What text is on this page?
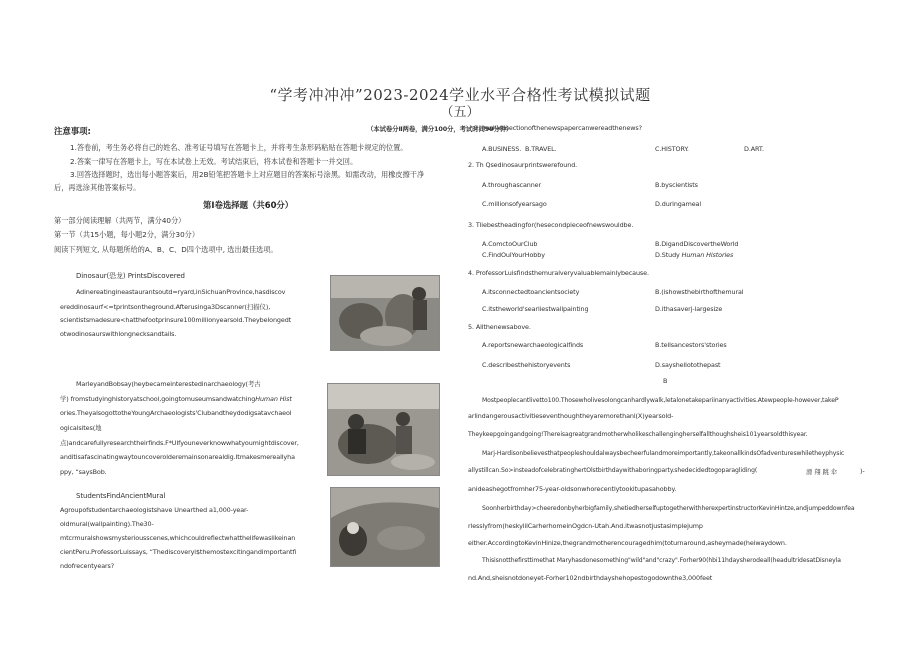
“学考冲冲冲”2023-2024学业水平合格性考试模拟试题
（五）
（本试卷分Ⅱ两卷，满分100分，考试时间90分钟）
注意事项:
1.答卷前，考生务必将自己的姓名、准考证号填写在答题卡上，并将考生条形码粘贴在答题卡规定的位置。
2.答案一律写在答题卡上，写在本试卷上无效。考试结束后，将本试卷和答题卡一并交回。
3.回答选择题时，选出每小题答案后，用2B铅笔把答题卡上对应题目的答案标号涂黑。如需改动，用橡皮擦干净
后，再选涂其他答案标号。
第Ⅰ卷选择题（共60分）
第一部分阅读理解（共两节，满分40分）
第一节（共15小题，每小题2分，满分30分）
阅读下列短文, 从每题所给的A、B、C、D四个选项中, 选出最佳选项。
Dinosaur(恐龙) PrintsDiscovered
Adinereatingineastaurantsoutd=ryard,inSichuanProvince,hasdiscov
ereddinosaurf<=tprintsontheground.Afterusinga3Dscanner(扫描仪),
scientistsmadesure<hatthefootprinsure100millionyearsold.Theybelongedt
otwodinosaurswithlongnecksandtails.
MarleyandBobsay(heybecameinterestedinarchaeology(考古
学) fromstudyinghistoryatschool,goingtomuseumsandwatchingHuman Hist
ories.TheyalsogottotheYoungArchaeologists'Clubandtheydodigsatavchaeol
ogicalsites(地
点)andcarefullyresearchtheirfinds.F*UIfyouneverknowwhatyoumightdiscover,
anditisafascinatingwaytouncoverolderemainsonarealdig.Itmakesmereallyha
ppy, “saysBob.
StudentsFindAncientMural
Agroupofstudentarchaeologistshave Unearthed a1,000-year-
oldmural(wallpainting).The30-
mtcrmuralshowsmysteriousscenes,whichcouldreflectwhatthelifewaslikeinan
cientPeru.ProfessorLuissays, “Thediscoveryi$themostexcitingandimportantfi
ndofrecentyears?
1. Inwhichsectionofthenewspapercanwereadthenews?
A.BUSINESS. B.TRAVEL.	C.HISTORY.	D.ART.
2. Th Qsedinosaurprintswerefound.
A.throughascanner	B.byscientists
C.millionsofyearsago	D.duringameal
3. Tliebestheadingfor(hesecondpieceofnewswouldbe.
A.ComctoOurClub	B.DigandDiscovertheWorld
C.FindOulYourHobby	D.Study Human Histories
4. ProfessorLuisfindsthemuralveryvaluablemainlybecause.
A.itsconnectedtoancientsociety	B.(ishowsthebirthofthemural
C.itstheworld'searliestwallpainting	D.ithasaverj-largesize
5. Allthenewsabove.
A.reportsnewarchaeologicalfinds	B.tellsancestors'stories
C.describesthehistoryevents	D.sayshellotothepast
B
Mostpeoplecantlivetto100.Thosewholivesolongcanhardlywalk,letalonetakepariinanyactivities.Atewpeople-however,takeP
arlindangerousactivitieseventhoughtheyaremorethanl(X)yearsold-
Theykeepgoingandgoing!Thereisagreatgrandmotherwholikeschallengingherselfallthoughsheis101yearsoldthisyear.
Marj-Hardisonbelievesthatpeopleshouldalwaysbecheerfulandmoreimportantly,takeonallkindsOfadventureswhiletheyphysic
allystillcan.So>insteadofcelebratinghertOlstbirthdaywithaboringparty.shedecidedtogoparagliding(	滑 翔 跳 伞	)-
anideashegotfromher75-year-oldsonwhorecentlytookitupasahobby.
Soonherbirthday>cheeredonbyherbigfamily,shetiedherselfuptogetherwithherexpertinstructorKevinHintze,andjumpeddownfea
rlesslyfrom(heskylilCarherhomeinOgdcn-Utah.And.itwasnotjustasimplejump
either.AccordingtoKevinHinize,thegrandmotherencouragedhim(toturnaround,asheymade(heiwaydown.
Thisisnotthefirsttimethat Maryhasdonesomething"wild"and"crazy".Forher90(hbi11hdaysherodeall(headultridesatDisneyla
nd.And,sheisnotdoneyet-Forher102ndbirthdayshehopestogodownthe3,000feet
